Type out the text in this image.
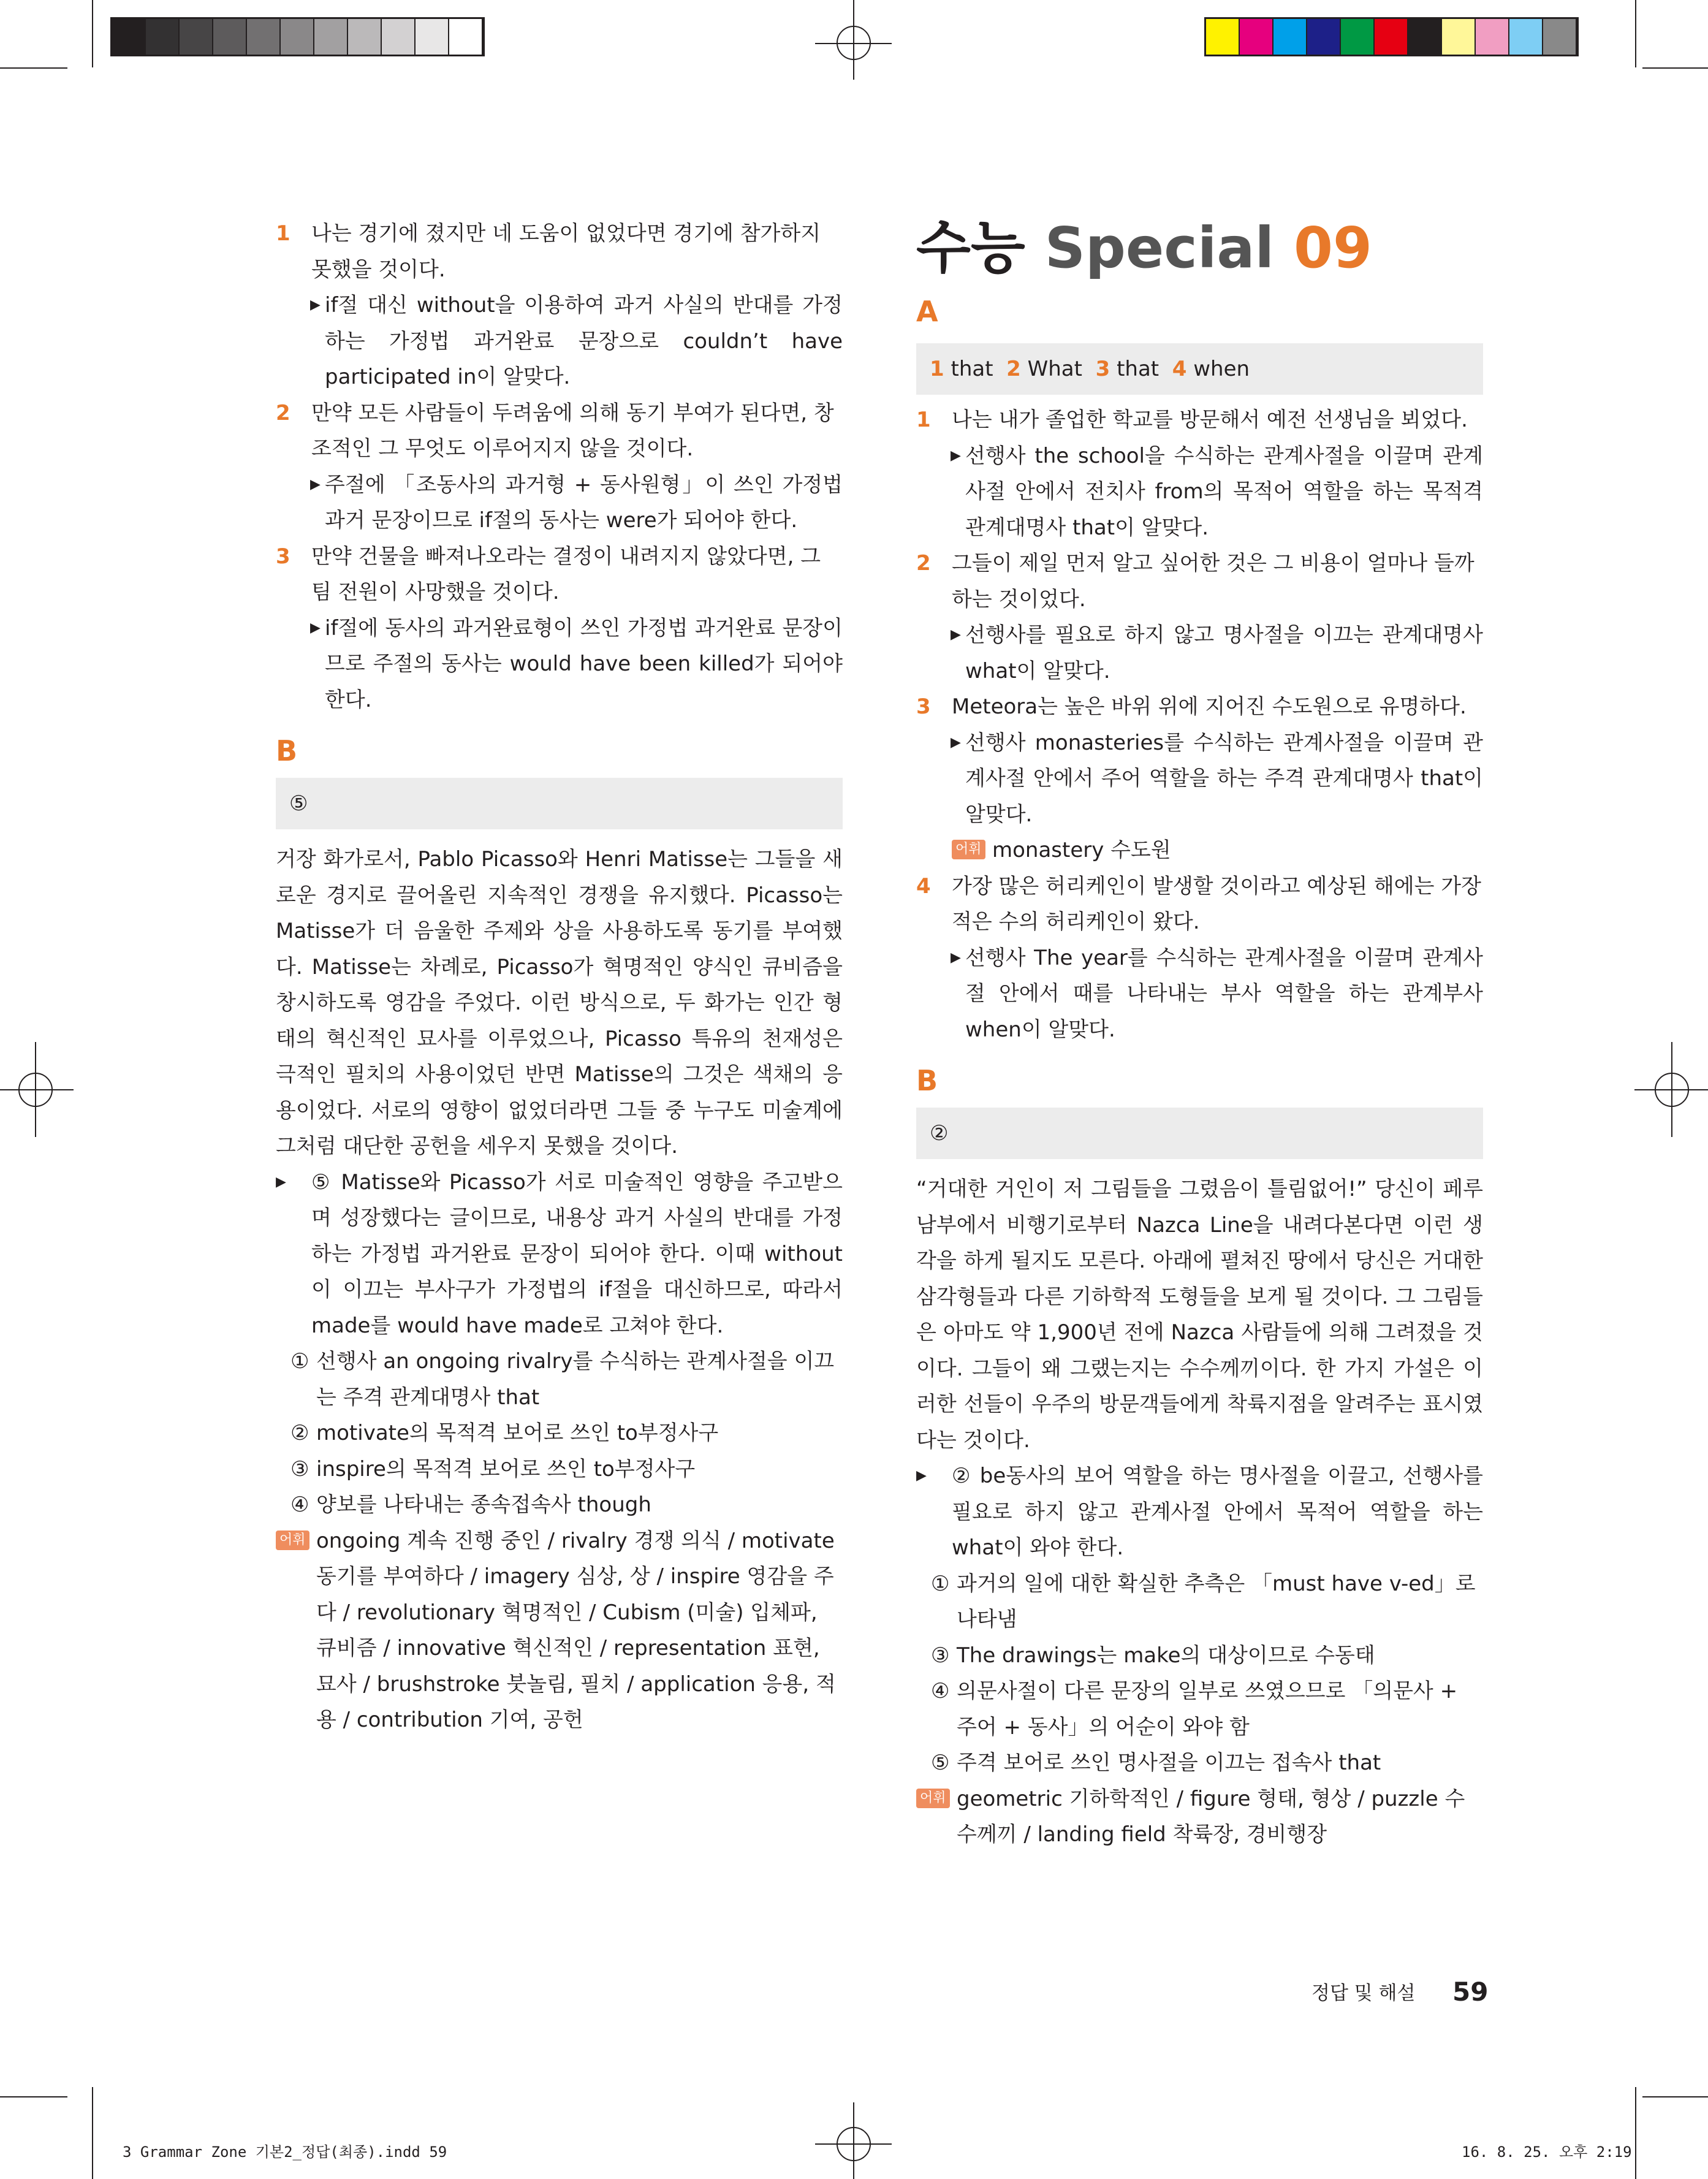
1 나는 경기에 졌지만 네 도움이 없었다면 경기에 참가하지 못했을 것이다.
▶ if절 대신 without을 이용하여 과거 사실의 반대를 가정하는 가정법 과거완료 문장으로 couldn’t have participated in이 알맞다.
2 만약 모든 사람들이 두려움에 의해 동기 부여가 된다면, 창조적인 그 무엇도 이루어지지 않을 것이다.
▶ 주절에 「조동사의 과거형 + 동사원형」이 쓰인 가정법 과거 문장이므로 if절의 동사는 were가 되어야 한다.
3 만약 건물을 빠져나오라는 결정이 내려지지 않았다면, 그 팀 전원이 사망했을 것이다.
▶ if절에 동사의 과거완료형이 쓰인 가정법 과거완료 문장이므로 주절의 동사는 would have been killed가 되어야 한다.
B
⑤
거장 화가로서, Pablo Picasso와 Henri Matisse는 그들을 새로운 경지로 끌어올린 지속적인 경쟁을 유지했다. Picasso는 Matisse가 더 음울한 주제와 상을 사용하도록 동기를 부여했다. Matisse는 차례로, Picasso가 혁명적인 양식인 큐비즘을 창시하도록 영감을 주었다. 이런 방식으로, 두 화가는 인간 형태의 혁신적인 묘사를 이루었으나, Picasso 특유의 천재성은 극적인 필치의 사용이었던 반면 Matisse의 그것은 색채의 응용이었다. 서로의 영향이 없었더라면 그들 중 누구도 미술계에 그처럼 대단한 공헌을 세우지 못했을 것이다.
▶ ⑤ Matisse와 Picasso가 서로 미술적인 영향을 주고받으며 성장했다는 글이므로, 내용상 과거 사실의 반대를 가정하는 가정법 과거완료 문장이 되어야 한다. 이때 without이 이끄는 부사구가 가정법의 if절을 대신하므로, 따라서 made를 would have made로 고쳐야 한다.
① 선행사 an ongoing rivalry를 수식하는 관계사절을 이끄는 주격 관계대명사 that
② motivate의 목적격 보어로 쓰인 to부정사구
③ inspire의 목적격 보어로 쓰인 to부정사구
④ 양보를 나타내는 종속접속사 though
어휘 ongoing 계속 진행 중인 / rivalry 경쟁 의식 / motivate 동기를 부여하다 / imagery 심상, 상 / inspire 영감을 주다 / revolutionary 혁명적인 / Cubism (미술) 입체파, 큐비즘 / innovative 혁신적인 / representation 표현, 묘사 / brushstroke 붓놀림, 필치 / application 응용, 적용 / contribution 기여, 공헌
수능 Special 09
A
1 that 2 What 3 that 4 when
1 나는 내가 졸업한 학교를 방문해서 예전 선생님을 뵈었다.
▶ 선행사 the school을 수식하는 관계사절을 이끌며 관계사절 안에서 전치사 from의 목적어 역할을 하는 목적격 관계대명사 that이 알맞다.
2 그들이 제일 먼저 알고 싶어한 것은 그 비용이 얼마나 들까 하는 것이었다.
▶ 선행사를 필요로 하지 않고 명사절을 이끄는 관계대명사 what이 알맞다.
3 Meteora는 높은 바위 위에 지어진 수도원으로 유명하다.
▶ 선행사 monasteries를 수식하는 관계사절을 이끌며 관계사절 안에서 주어 역할을 하는 주격 관계대명사 that이 알맞다.
어휘 monastery 수도원
4 가장 많은 허리케인이 발생할 것이라고 예상된 해에는 가장 적은 수의 허리케인이 왔다.
▶ 선행사 The year를 수식하는 관계사절을 이끌며 관계사절 안에서 때를 나타내는 부사 역할을 하는 관계부사 when이 알맞다.
B
②
“거대한 거인이 저 그림들을 그렸음이 틀림없어!” 당신이 페루 남부에서 비행기로부터 Nazca Line을 내려다본다면 이런 생각을 하게 될지도 모른다. 아래에 펼쳐진 땅에서 당신은 거대한 삼각형들과 다른 기하학적 도형들을 보게 될 것이다. 그 그림들은 아마도 약 1,900년 전에 Nazca 사람들에 의해 그려졌을 것이다. 그들이 왜 그랬는지는 수수께끼이다. 한 가지 가설은 이러한 선들이 우주의 방문객들에게 착륙지점을 알려주는 표시였다는 것이다.
▶ ② be동사의 보어 역할을 하는 명사절을 이끌고, 선행사를 필요로 하지 않고 관계사절 안에서 목적어 역할을 하는 what이 와야 한다.
① 과거의 일에 대한 확실한 추측은 「must have v-ed」로 나타냄
③ The drawings는 make의 대상이므로 수동태
④ 의문사절이 다른 문장의 일부로 쓰였으므로 「의문사 + 주어 + 동사」의 어순이 와야 함
⑤ 주격 보어로 쓰인 명사절을 이끄는 접속사 that
어휘 geometric 기하학적인 / figure 형태, 형상 / puzzle 수수께끼 / landing field 착륙장, 경비행장
정답 및 해설 59
3 Grammar Zone 기본2_정답(최종).indd 59	16. 8. 25. 오후 2:19
